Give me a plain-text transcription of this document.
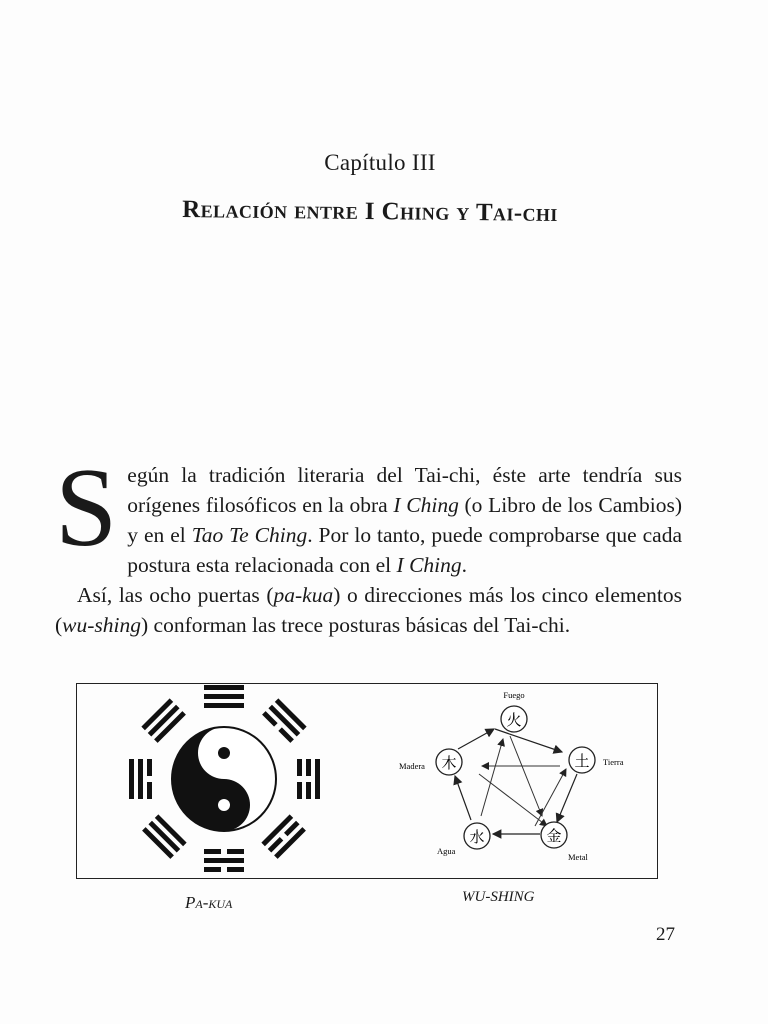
Capítulo III
Relación entre I Ching y Tai-chi

Según la tradición literaria del Tai-chi, éste arte tendría sus orígenes filosóficos en la obra I Ching (o Libro de los Cambios) y en el Tao Te Ching. Por lo tanto, puede comprobarse que cada postura esta relacionada con el I Ching.

Así, las ocho puertas (pa-kua) o direcciones más los cinco elementos (wu-shing) conforman las trece posturas básicas del Tai-chi.

火
Fuego
土 Tierra
金
Metal
水
Agua
木
Madera
Pa-kua	WU-SHING
27
